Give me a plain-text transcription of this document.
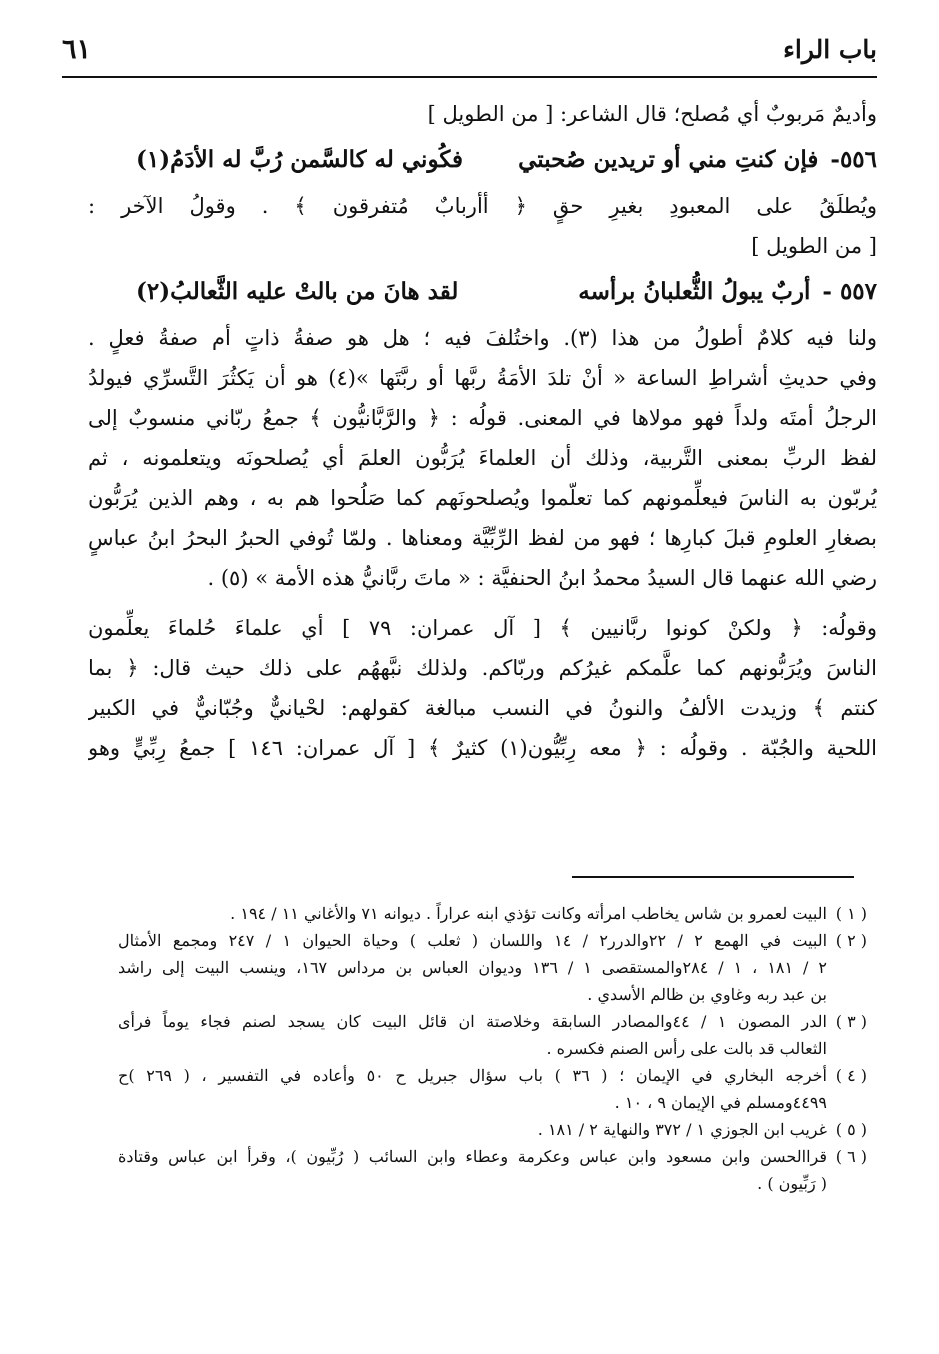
باب الراء
٦١
وأديمٌ مَربوبٌ أي مُصلح؛ قال الشاعر: [ من الطويل ]
٥٥٦- فإن كنتِ مني أو تريدين صُحبتي
فكُوني له كالسَّمن رُبَّ له الأدَمُ(١)
ويُطلَقُ على المعبودِ بغيرِ حقٍ ﴿ أأربابٌ مُتفرقون ﴾ . وقولُ الآخر :
[ من الطويل ]
٥٥٧ - أربٌ يبولُ الثُّعلبانُ برأسه
لقد هانَ من بالتْ عليه الثَّعالبُ(٢)
ولنا فيه كلامٌ أطولُ من هذا (٣). واختُلفَ فيه ؛ هل هو صفةُ ذاتٍ أم صفةُ فعلٍ .
وفي حديثِ أشراطِ الساعة « أنْ تلدَ الأمَةُ ربَّها أو ربَّتَها »(٤) هو أن يَكثُرَ التَّسرِّي فيولدُ
الرجلُ أمتَه ولداً فهو مولاها في المعنى. قولُه : ﴿ والرَّبَّانيُّون ﴾ جمعُ ربّاني منسوبٌ إلى
لفظ الربِّ بمعنى التَّربية، وذلك أن العلماءَ يُرَبُّون العلمَ أي يُصلحونَه ويتعلمونه ، ثم
يُربّون به الناسَ فيعلِّمونهم كما تعلّموا ويُصلحونَهم كما صَلُحوا هم به ، وهم الذين يُرَبُّون
بصغارِ العلومِ قبلَ كبارِها ؛ فهو من لفظ الرِّبِّيَّة ومعناها . ولمّا تُوفي الحبرُ البحرُ ابنُ عباسٍ
رضي الله عنهما قال السيدُ محمدُ ابنُ الحنفيَّة : « ماتَ ربَّانيُّ هذه الأمة » (٥) .
وقولُه: ﴿ ولكنْ كونوا ربَّانيين ﴾ [ آل عمران: ٧٩ ] أي علماءَ حُلماءَ يعلِّمون
الناسَ ويُرَبُّونهم كما علَّمكم غيرُكم وربّاكم. ولذلك نبَّههُم على ذلك حيث قال: ﴿ بما
كنتم ﴾ وزيدت الألفُ والنونُ في النسب مبالغة كقولهم: لحْيانيٌّ وجُبّانيٌّ في الكبير
اللحية والجُبّة . وقولُه : ﴿ معه رِبِّيُّون(١) كثيرٌ ﴾ [ آل عمران: ١٤٦ ] جمعُ رِبِّيٍّ وهو
( ١ )
البيت لعمرو بن شاس يخاطب امرأته وكانت تؤذي ابنه عراراً . ديوانه ٧١ والأغاني ١١ / ١٩٤ .
( ٢ )
البيت في الهمع ٢ / ٢٢والدرر٢ / ١٤ واللسان ( ثعلب ) وحياة الحيوان ١ / ٢٤٧ ومجمع الأمثال
٢ / ١٨١ ، ١ / ٢٨٤والمستقصى ١ / ١٣٦ وديوان العباس بن مرداس ١٦٧، وينسب البيت إلى راشد
بن عبد ربه وغاوي بن ظالم الأسدي .
( ٣ )
الدر المصون ١ / ٤٤والمصادر السابقة وخلاصتة ان قائل البيت كان يسجد لصنم فجاء يوماً فرأى
الثعالب قد بالت على رأس الصنم فكسره .
( ٤ )
أخرجه البخاري في الإيمان ؛ ( ٣٦ ) باب سؤال جبريل ح ٥٠ وأعاده في التفسير ، ( ٢٦٩ )ح
٤٤٩٩ومسلم في الإيمان ٩ ، ١٠ .
( ٥ )
غريب ابن الجوزي ١ / ٣٧٢ والنهاية ٢ / ١٨١ .
( ٦ )
قراالحسن وابن مسعود وابن عباس وعكرمة وعطاء وابن السائب ( رُبِّيون )، وقرأ ابن عباس وقتادة
( رَبِّيون ) .
